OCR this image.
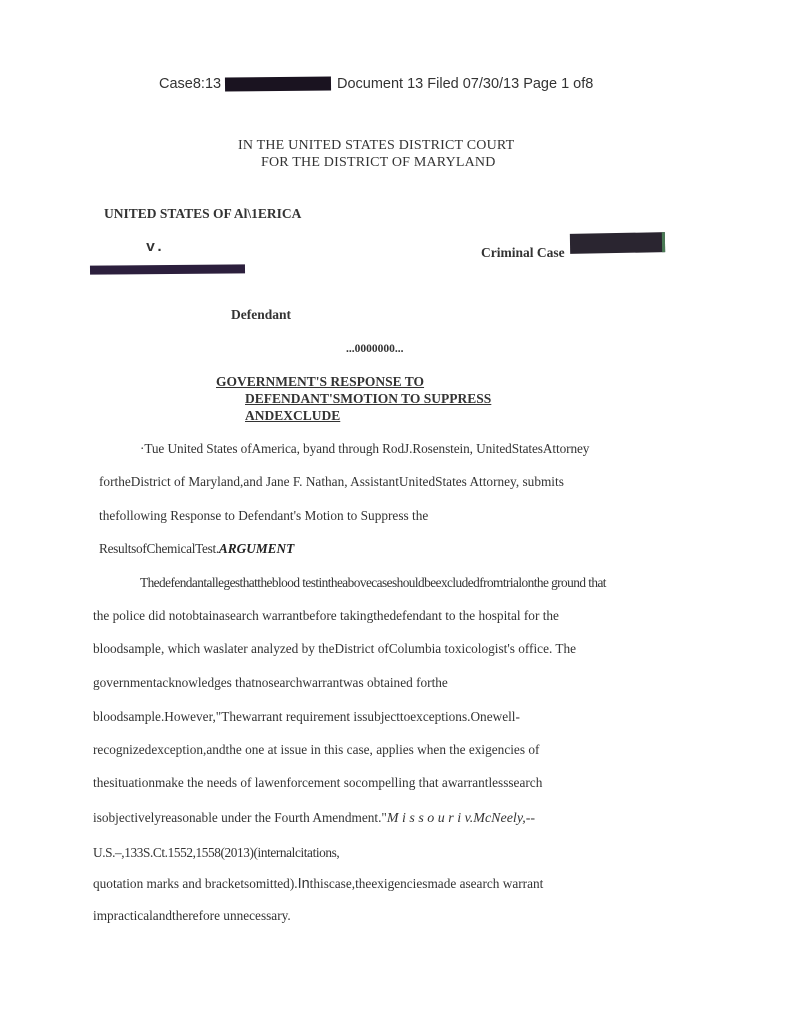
Case8:13	Document 13 Filed 07/30/13 Page 1 of8
IN THE UNITED STATES DISTRICT COURT
FOR THE DISTRICT OF MARYLAND
UNITED STATES OF Al\1ERICA
v.	Criminal Case
Defendant
...0000000...
GOVERNMENT'S RESPONSE TO
DEFENDANT'SMOTION TO SUPPRESS
ANDEXCLUDE
·Tue United States ofAmerica, byand through RodJ.Rosenstein, UnitedStatesAttorney
fortheDistrict of Maryland,and Jane F. Nathan, AssistantUnitedStates Attorney, submits
thefollowing Response to Defendant's Motion to Suppress the
ResultsofChemicalTest.ARGUMENT
Thedefendantallegesthattheblood testintheabovecaseshouldbeexcludedfromtrialonthe ground that
the police did notobtainasearch warrantbefore takingthedefendant to the hospital for the
bloodsample, which waslater analyzed by theDistrict ofColumbia toxicologist's office. The
governmentacknowledges thatnosearchwarrantwas obtained forthe
bloodsample.However,"Thewarrant requirement issubjecttoexceptions.Onewell-
recognizedexception,andthe one at issue in this case, applies when the exigencies of
thesituationmake the needs of lawenforcement socompelling that awarrantlesssearch
isobjectivelyreasonable under the Fourth Amendment."M i s s o u r i v.McNeely,--
U.S.–,133S.Ct.1552,1558(2013)(internalcitations,
quotation marks and bracketsomitted).Inthiscase,theexigenciesmade asearch warrant
impracticalandtherefore unnecessary.
